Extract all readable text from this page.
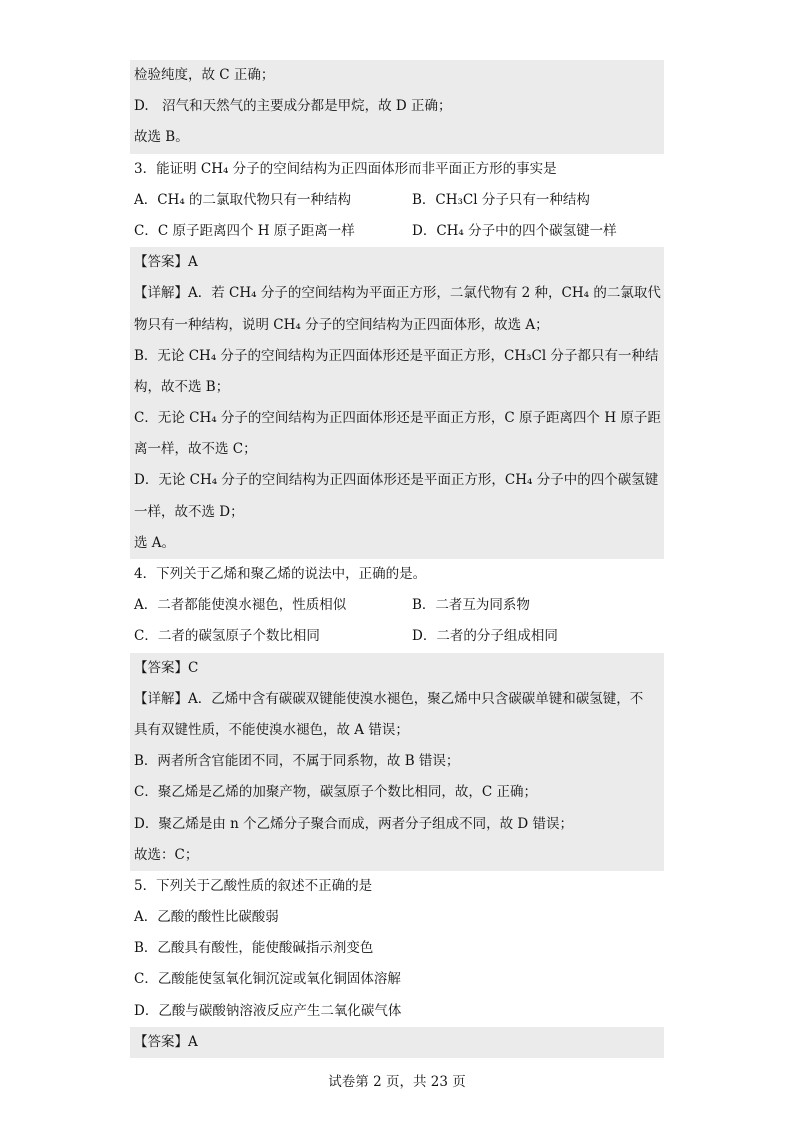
检验纯度，故 C 正确；
D.　沼气和天然气的主要成分都是甲烷，故 D 正确；
故选 B。
3．能证明 CH₄ 分子的空间结构为正四面体形而非平面正方形的事实是
A．CH₄ 的二氯取代物只有一种结构	B．CH₃Cl 分子只有一种结构
C．C 原子距离四个 H 原子距离一样	D．CH₄ 分子中的四个碳氢键一样
【答案】A
【详解】A．若 CH₄ 分子的空间结构为平面正方形，二氯代物有 2 种，CH₄ 的二氯取代
物只有一种结构，说明 CH₄ 分子的空间结构为正四面体形，故选 A；
B．无论 CH₄ 分子的空间结构为正四面体形还是平面正方形，CH₃Cl 分子都只有一种结
构，故不选 B；
C．无论 CH₄ 分子的空间结构为正四面体形还是平面正方形，C 原子距离四个 H 原子距
离一样，故不选 C；
D．无论 CH₄ 分子的空间结构为正四面体形还是平面正方形，CH₄ 分子中的四个碳氢键
一样，故不选 D；
选 A。
4．下列关于乙烯和聚乙烯的说法中，正确的是。
A．二者都能使溴水褪色，性质相似	B．二者互为同系物
C．二者的碳氢原子个数比相同	D．二者的分子组成相同
【答案】C
【详解】A．乙烯中含有碳碳双键能使溴水褪色，聚乙烯中只含碳碳单键和碳氢键，不
具有双键性质，不能使溴水褪色，故 A 错误；
B．两者所含官能团不同，不属于同系物，故 B 错误；
C．聚乙烯是乙烯的加聚产物，碳氢原子个数比相同，故，C 正确；
D．聚乙烯是由 n 个乙烯分子聚合而成，两者分子组成不同，故 D 错误；
故选：C；
5．下列关于乙酸性质的叙述不正确的是
A．乙酸的酸性比碳酸弱
B．乙酸具有酸性，能使酸碱指示剂变色
C．乙酸能使氢氧化铜沉淀或氧化铜固体溶解
D．乙酸与碳酸钠溶液反应产生二氧化碳气体
【答案】A
试卷第 2 页，共 23 页
